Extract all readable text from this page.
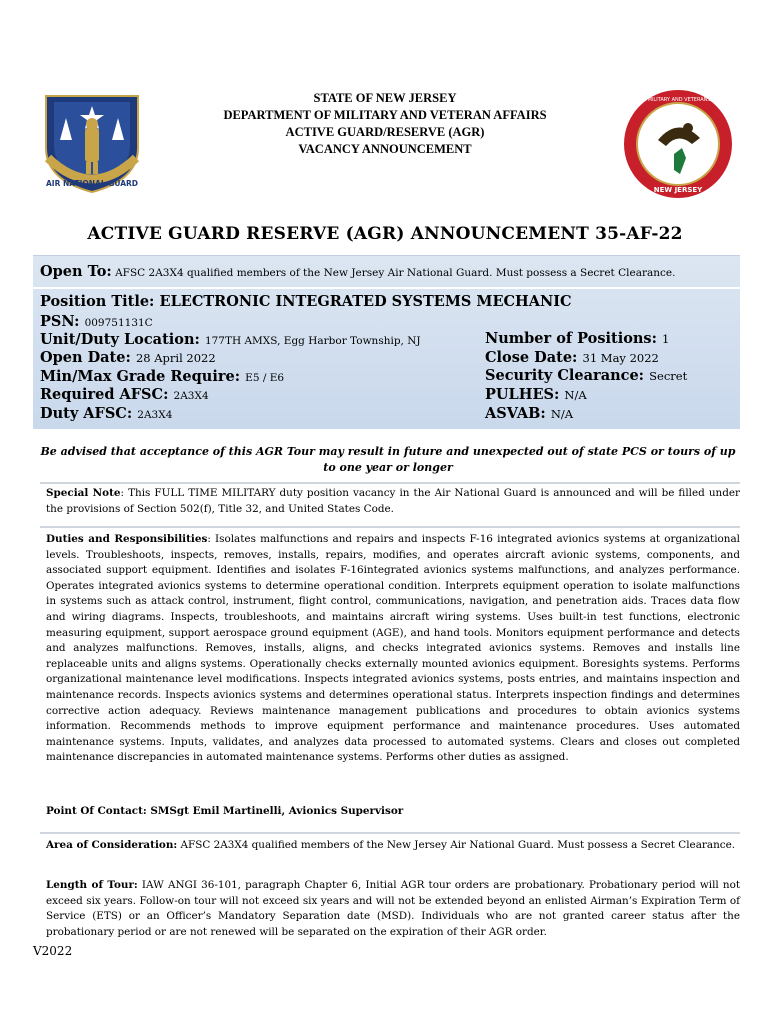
AIR NATIONAL GUARD
DEPT. OF MILITARY AND VETERANS AFFAIRS
NEW JERSEY
STATE OF NEW JERSEY
DEPARTMENT OF MILITARY AND VETERAN AFFAIRS
ACTIVE GUARD/RESERVE (AGR)
VACANCY ANNOUNCEMENT
ACTIVE GUARD RESERVE (AGR) ANNOUNCEMENT 35-AF-22
Open To: AFSC 2A3X4 qualified members of the New Jersey Air National Guard. Must possess a Secret Clearance.
Position Title: ELECTRONIC INTEGRATED SYSTEMS MECHANIC
PSN: 009751131C
Unit/Duty Location: 177TH AMXS, Egg Harbor Township, NJ
Open Date: 28 April 2022
Min/Max Grade Require: E5 / E6
Required AFSC: 2A3X4
Duty AFSC: 2A3X4
Number of Positions: 1
Close Date: 31 May 2022
Security Clearance: Secret
PULHES: N/A
ASVAB: N/A
Be advised that acceptance of this AGR Tour may result in future and unexpected out of state PCS or tours of up to one year or longer
Special Note: This FULL TIME MILITARY duty position vacancy in the Air National Guard is announced and will be filled under the provisions of Section 502(f), Title 32, and United States Code.
Duties and Responsibilities: Isolates malfunctions and repairs and inspects F-16 integrated avionics systems at organizational levels. Troubleshoots, inspects, removes, installs, repairs, modifies, and operates aircraft avionic systems, components, and associated support equipment. Identifies and isolates F-16integrated avionics systems malfunctions, and analyzes performance. Operates integrated avionics systems to determine operational condition. Interprets equipment operation to isolate malfunctions in systems such as attack control, instrument, flight control, communications, navigation, and penetration aids. Traces data flow and wiring diagrams. Inspects, troubleshoots, and maintains aircraft wiring systems. Uses built-in test functions, electronic measuring equipment, support aerospace ground equipment (AGE), and hand tools. Monitors equipment performance and detects and analyzes malfunctions. Removes, installs, aligns, and checks integrated avionics systems. Removes and installs line replaceable units and aligns systems. Operationally checks externally mounted avionics equipment. Boresights systems. Performs organizational maintenance level modifications. Inspects integrated avionics systems, posts entries, and maintains inspection and maintenance records. Inspects avionics systems and determines operational status. Interprets inspection findings and determines corrective action adequacy. Reviews maintenance management publications and procedures to obtain avionics systems information. Recommends methods to improve equipment performance and maintenance procedures. Uses automated maintenance systems. Inputs, validates, and analyzes data processed to automated systems. Clears and closes out completed maintenance discrepancies in automated maintenance systems. Performs other duties as assigned.
Point Of Contact: SMSgt Emil Martinelli, Avionics Supervisor
Area of Consideration: AFSC 2A3X4 qualified members of the New Jersey Air National Guard. Must possess a Secret Clearance.
Length of Tour: IAW ANGI 36-101, paragraph Chapter 6, Initial AGR tour orders are probationary. Probationary period will not exceed six years. Follow-on tour will not exceed six years and will not be extended beyond an enlisted Airman’s Expiration Term of Service (ETS) or an Officer’s Mandatory Separation date (MSD). Individuals who are not granted career status after the probationary period or are not renewed will be separated on the expiration of their AGR order.
V2022
